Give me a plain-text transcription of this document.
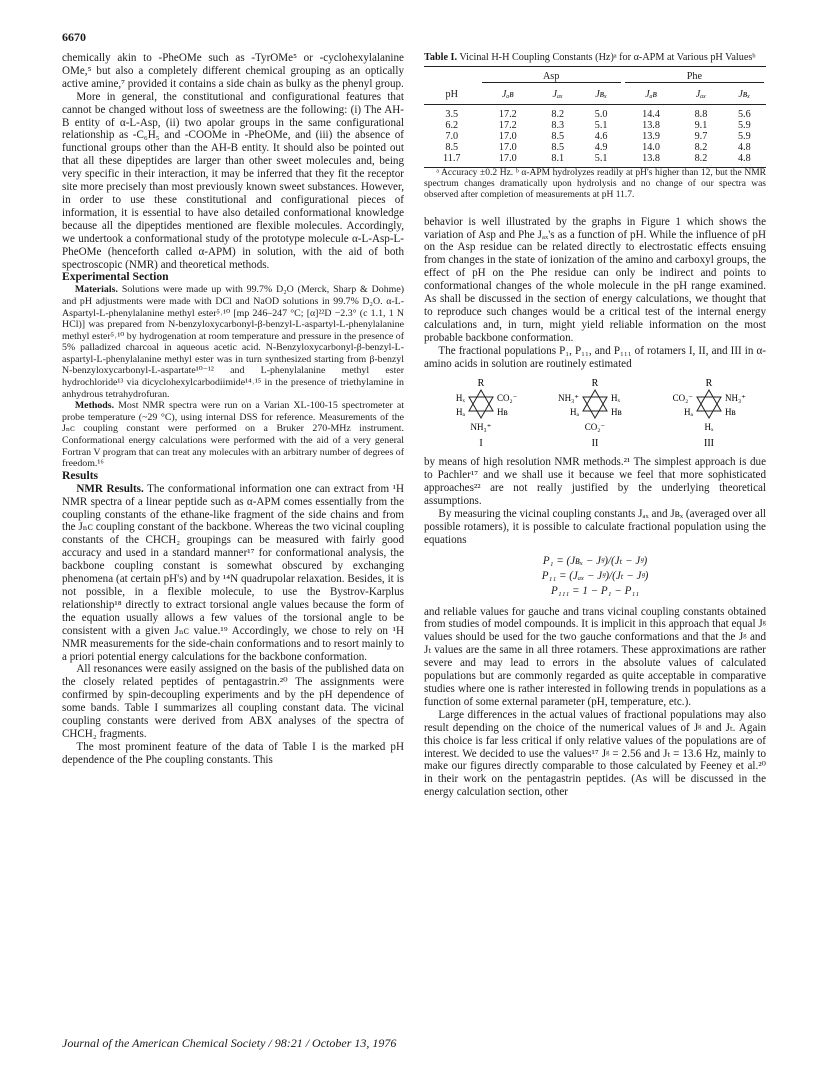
6670

chemically akin to -PheOMe such as -TyrOMe⁵ or -cyclohexylalanine OMe,⁵ but also a completely different chemical grouping as an optically active amine,⁷ provided it contains a side chain as bulky as the phenyl group.

More in general, the constitutional and configurational features that cannot be changed without loss of sweetness are the following: (i) The AH-B entity of α-L-Asp, (ii) two apolar groups in the same configurational relationship as -C₆H₅ and -COOMe in -PheOMe, and (iii) the absence of functional groups other than the AH-B entity. It should also be pointed out that all these dipeptides are larger than other sweet molecules and, being very specific in their interaction, it may be inferred that they fit the receptor site more precisely than most previously known sweet substances. However, in order to use these constitutional and configurational pieces of information, it is essential to have also detailed conformational knowledge because all the dipeptides mentioned are flexible molecules. Accordingly, we undertook a conformational study of the prototype molecule α-L-Asp-L-PheOMe (henceforth called α-APM) in solution, with the aid of both spectroscopic (NMR) and theoretical methods.

Experimental Section

Materials. Solutions were made up with 99.7% D₂O (Merck, Sharp & Dohme) and pH adjustments were made with DCl and NaOD solutions in 99.7% D₂O. α-L-Aspartyl-L-phenylalanine methyl ester⁵˒¹⁰ [mp 246–247 °C; [α]²²D −2.3° (c 1.1, 1 N HCl)] was prepared from N-benzyloxycarbonyl-β-benzyl-L-aspartyl-L-phenylalanine methyl ester⁵˒¹⁰ by hydrogenation at room temperature and pressure in the presence of 5% palladized charcoal in aqueous acetic acid. N-Benzyloxycarbonyl-β-benzyl-L-aspartyl-L-phenylalanine methyl ester was in turn synthesized starting from β-benzyl N-benzyloxycarbonyl-L-aspartate¹⁰⁻¹² and L-phenylalanine methyl ester hydrochloride¹³ via dicyclohexylcarbodiimide¹⁴˒¹⁵ in the presence of triethylamine in anhydrous tetrahydrofuran.

Methods. Most NMR spectra were run on a Varian XL-100-15 spectrometer at probe temperature (~29 °C), using internal DSS for reference. Measurements of the Jₙᴄ coupling constant were performed on a Bruker 270-MHz instrument. Conformational energy calculations were performed with the aid of a very general Fortran V program that can treat any molecules with an arbitrary number of degrees of freedom.¹⁶

Results

NMR Results. The conformational information one can extract from ¹H NMR spectra of a linear peptide such as α-APM comes essentially from the coupling constants of the ethane-like fragment of the side chains and from the Jₙᴄ coupling constant of the backbone. Whereas the two vicinal coupling constants of the CHCH₂ groupings can be measured with fairly good accuracy and used in a standard manner¹⁷ for conformational analysis, the backbone coupling constant is somewhat obscured by exchanging phenomena (at certain pH's) and by ¹⁴N quadrupolar relaxation. Besides, it is not possible, in a flexible molecule, to use the Bystrov-Karplus relationship¹⁸ directly to extract torsional angle values because the form of the equation usually allows a few values of the torsional angle to be consistent with a given Jₙᴄ value.¹⁹ Accordingly, we chose to rely on ¹H NMR measurements for the side-chain conformations and to resort mainly to a priori potential energy calculations for the backbone conformation.

All resonances were easily assigned on the basis of the published data on the closely related peptides of pentagastrin.²⁰ The assignments were confirmed by spin-decoupling experiments and by the pH dependence of some bands. Table I summarizes all coupling constant data. The vicinal coupling constants were derived from ABX analyses of the spectra of CHCH₂ fragments.

The most prominent feature of the data of Table I is the marked pH dependence of the Phe coupling constants. This

Table I. Vicinal H-H Coupling Constants (Hz)ᵃ for α-APM at Various pH Valuesᵇ
	Asp			Phe		
pH	Jₐʙ	Jₐₓ	Jʙₓ	Jₐʙ	Jₐₓ	Jʙₓ
3.5	17.2	8.2	5.0	14.4	8.8	5.6
6.2	17.2	8.3	5.1	13.8	9.1	5.9
7.0	17.0	8.5	4.6	13.9	9.7	5.9
8.5	17.0	8.5	4.9	14.0	8.2	4.8
11.7	17.0	8.1	5.1	13.8	8.2	4.8

ᵃ Accuracy ±0.2 Hz. ᵇ α-APM hydrolyzes readily at pH's higher than 12, but the NMR spectrum changes dramatically upon hydrolysis and no change of our spectra was observed after completion of measurements at pH 11.7.

behavior is well illustrated by the graphs in Figure 1 which shows the variation of Asp and Phe Jₐₓ's as a function of pH. While the influence of pH on the Asp residue can be related directly to electrostatic effects ensuing from changes in the state of ionization of the amino and carboxyl groups, the effect of pH on the Phe residue can only be indirect and points to conformational changes of the whole molecule in the pH range examined. As shall be discussed in the section of energy calculations, we thought that to reproduce such changes would be a critical test of the internal energy calculations and, in turn, might yield reliable information on the most probable backbone conformation.

The fractional populations P₁, P₁₁, and P₁₁₁ of rotamers I, II, and III in α-amino acids in solution are routinely estimated

R
Hₓ	CO₂⁻
Hₐ	Hʙ
NH₃⁺
I
R
NH₃⁺	Hₓ
Hₐ	Hʙ
CO₂⁻
II
R
CO₂⁻	NH₃⁺
Hₐ	Hʙ
Hₓ
III

by means of high resolution NMR methods.²¹ The simplest approach is due to Pachler¹⁷ and we shall use it because we feel that more sophisticated approaches²² are not really justified by the underlying theoretical assumptions.

By measuring the vicinal coupling constants Jₐₓ and Jʙₓ (averaged over all possible rotamers), it is possible to calculate fractional population using the equations

P₁ = (Jʙₓ − Jᵍ)/(Jₜ − Jᵍ)
P₁₁ = (Jₐₓ − Jᵍ)/(Jₜ − Jᵍ)
P₁₁₁ = 1 − P₁ − P₁₁

and reliable values for gauche and trans vicinal coupling constants obtained from studies of model compounds. It is implicit in this approach that equal Jᵍ values should be used for the two gauche conformations and that the Jᵍ and Jₜ values are the same in all three rotamers. These approximations are rather severe and may lead to errors in the absolute values of calculated populations but are commonly regarded as quite acceptable in comparative studies where one is rather interested in following trends in populations as a function of some external parameter (pH, temperature, etc.).

Large differences in the actual values of fractional populations may also result depending on the choice of the numerical values of Jᵍ and Jₜ. Again this choice is far less critical if only relative values of the populations are of interest. We decided to use the values¹⁷ Jᵍ = 2.56 and Jₜ = 13.6 Hz, mainly to make our figures directly comparable to those calculated by Feeney et al.²⁰ in their work on the pentagastrin peptides. (As will be discussed in the energy calculation section, other

Journal of the American Chemical Society / 98:21 / October 13, 1976
